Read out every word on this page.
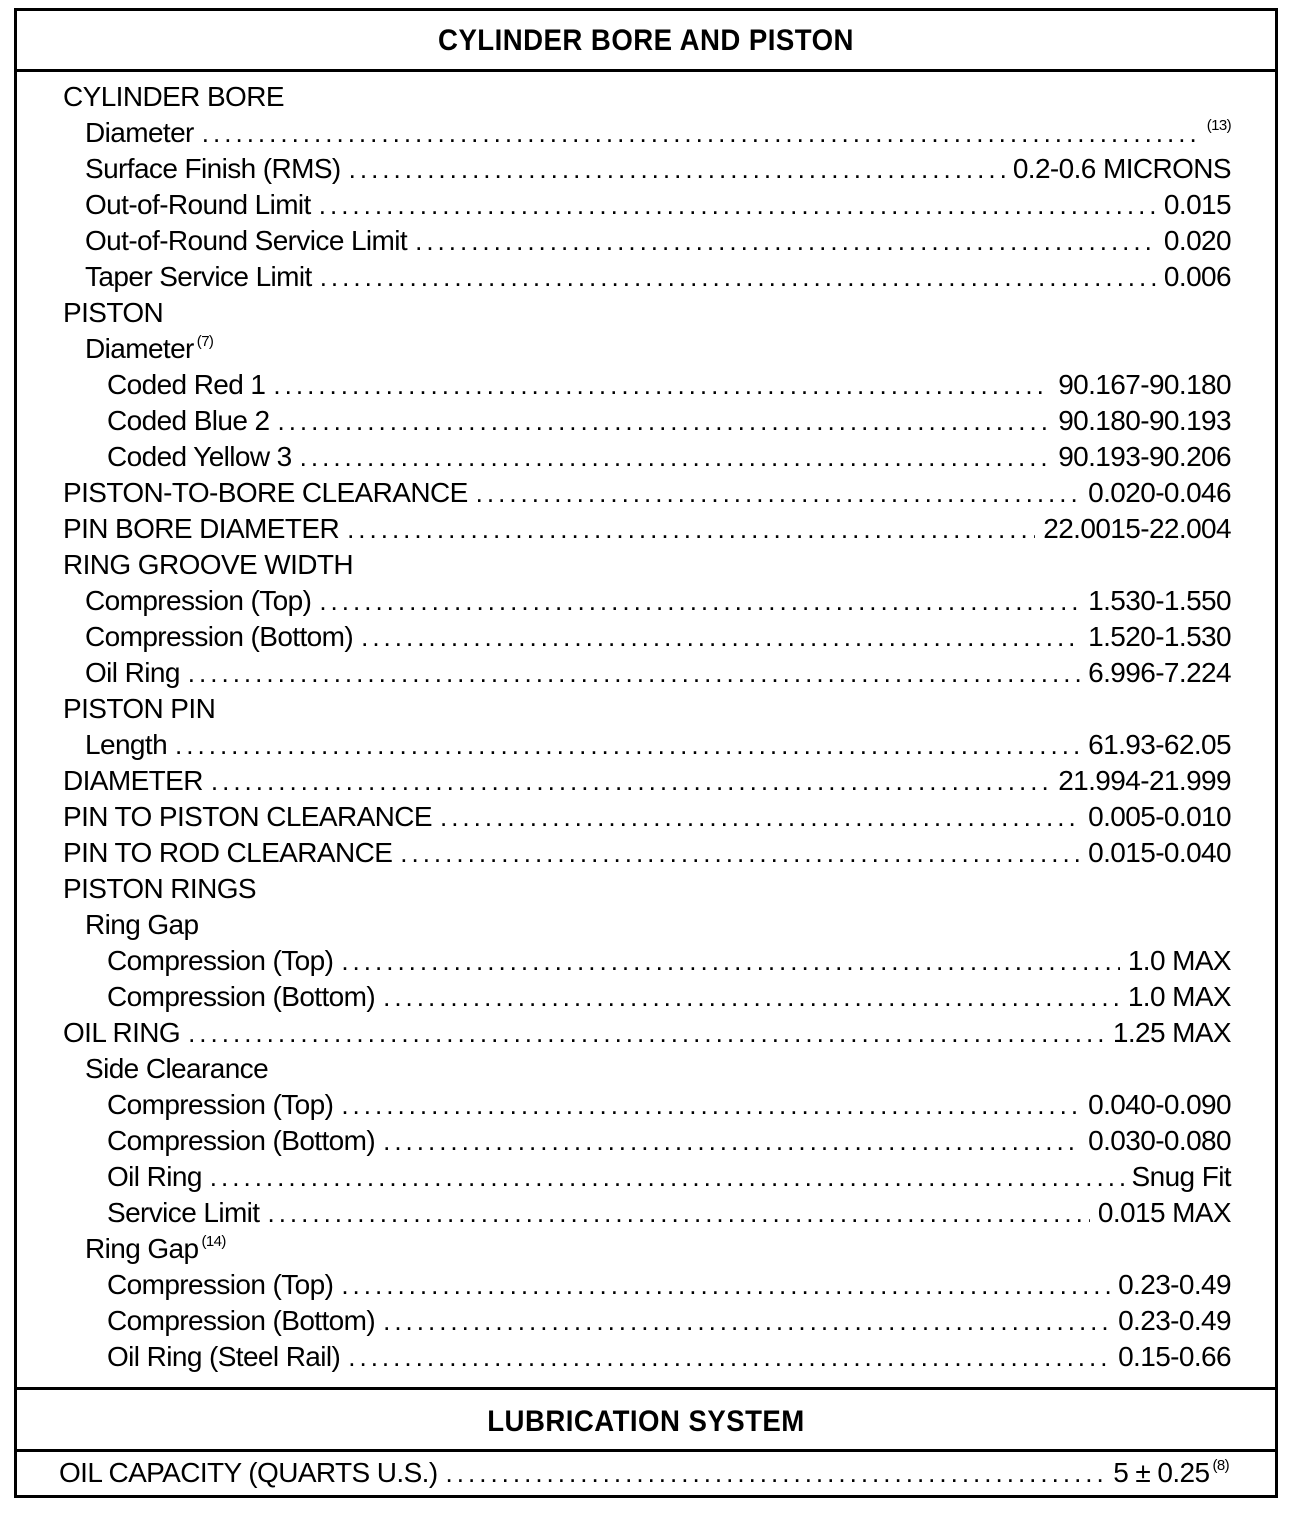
CYLINDER BORE AND PISTON
CYLINDER BORE
Diameter .....	$^{(13)}$
Surface Finish (RMS) .....	0.2-0.6 MICRONS
Out-of-Round Limit .....	0.015
Out-of-Round Service Limit .....	0.020
Taper Service Limit .....	0.006
PISTON
Diameter $^{(7)}$
Coded Red 1 .....	90.167-90.180
Coded Blue 2 .....	90.180-90.193
Coded Yellow 3 .....	90.193-90.206
PISTON-TO-BORE CLEARANCE .....	0.020-0.046
PIN BORE DIAMETER .....	22.0015-22.004
RING GROOVE WIDTH
Compression (Top) .....	1.530-1.550
Compression (Bottom) .....	1.520-1.530
Oil Ring .....	6.996-7.224
PISTON PIN
Length .....	61.93-62.05
DIAMETER .....	21.994-21.999
PIN TO PISTON CLEARANCE .....	0.005-0.010
PIN TO ROD CLEARANCE .....	0.015-0.040
PISTON RINGS
Ring Gap
Compression (Top) .....	1.0 MAX
Compression (Bottom) .....	1.0 MAX
OIL RING .....	1.25 MAX
Side Clearance
Compression (Top) .....	0.040-0.090
Compression (Bottom) .....	0.030-0.080
Oil Ring .....	Snug Fit
Service Limit .....	0.015 MAX
Ring Gap $^{(14)}$
Compression (Top) .....	0.23-0.49
Compression (Bottom) .....	0.23-0.49
Oil Ring (Steel Rail) .....	0.15-0.66
LUBRICATION SYSTEM
OIL CAPACITY (QUARTS U.S.) .....	5 ± 0.25 $^{(8)}$
